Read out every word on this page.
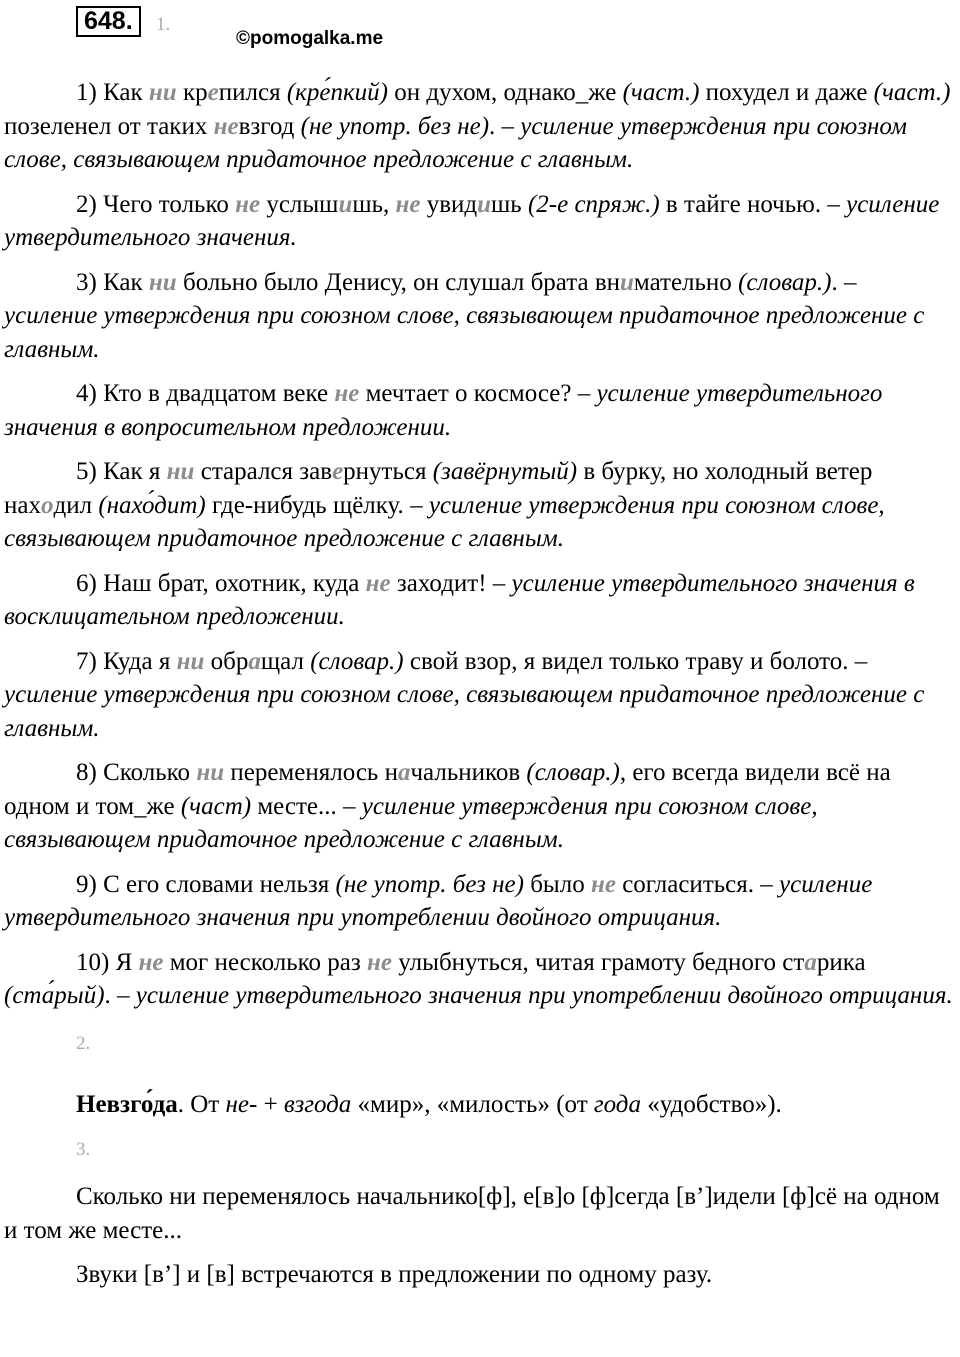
648.	1.
©pomogalka.me

1) Как ни крепился (кре́пкий) он духом, однако_же (част.) похудел и даже (част.) позеленел от таких невзгод (не употр. без не). – усиление утверждения при союзном слове, связывающем придаточное предложение с главным.

2) Чего только не услышишь, не увидишь (2-е спряж.) в тайге ночью. – усиление утвердительного значения.

3) Как ни больно было Денису, он слушал брата внимательно (словар.). – усиление утверждения при союзном слове, связывающем придаточное предложение с главным.

4) Кто в двадцатом веке не мечтает о космосе? – усиление утвердительного значения в вопросительном предложении.

5) Как я ни старался завернуться (завёрнутый) в бурку, но холодный ветер находил (нахо́дит) где-нибудь щёлку. – усиление утверждения при союзном слове, связывающем придаточное предложение с главным.

6) Наш брат, охотник, куда не заходит! – усиление утвердительного значения в восклицательном предложении.

7) Куда я ни обращал (словар.) свой взор, я видел только траву и болото. – усиление утверждения при союзном слове, связывающем придаточное предложение с главным.

8) Сколько ни переменялось начальников (словар.), его всегда видели всё на одном и том_же (част) месте... – усиление утверждения при союзном слове, связывающем придаточное предложение с главным.

9) С его словами нельзя (не употр. без не) было не согласиться. – усиление утвердительного значения при употреблении двойного отрицания.

10) Я не мог несколько раз не улыбнуться, читая грамоту бедного старика (ста́рый). – усиление утвердительного значения при употреблении двойного отрицания.

2.

Невзго́да. От не- + взгода «мир», «милость» (от года «удобство»).

3.

Сколько ни переменялось начальнико[ф], е[в]о [ф]сегда [в’]идели [ф]сё на одном и том же месте...

Звуки [в’] и [в] встречаются в предложении по одному разу.
